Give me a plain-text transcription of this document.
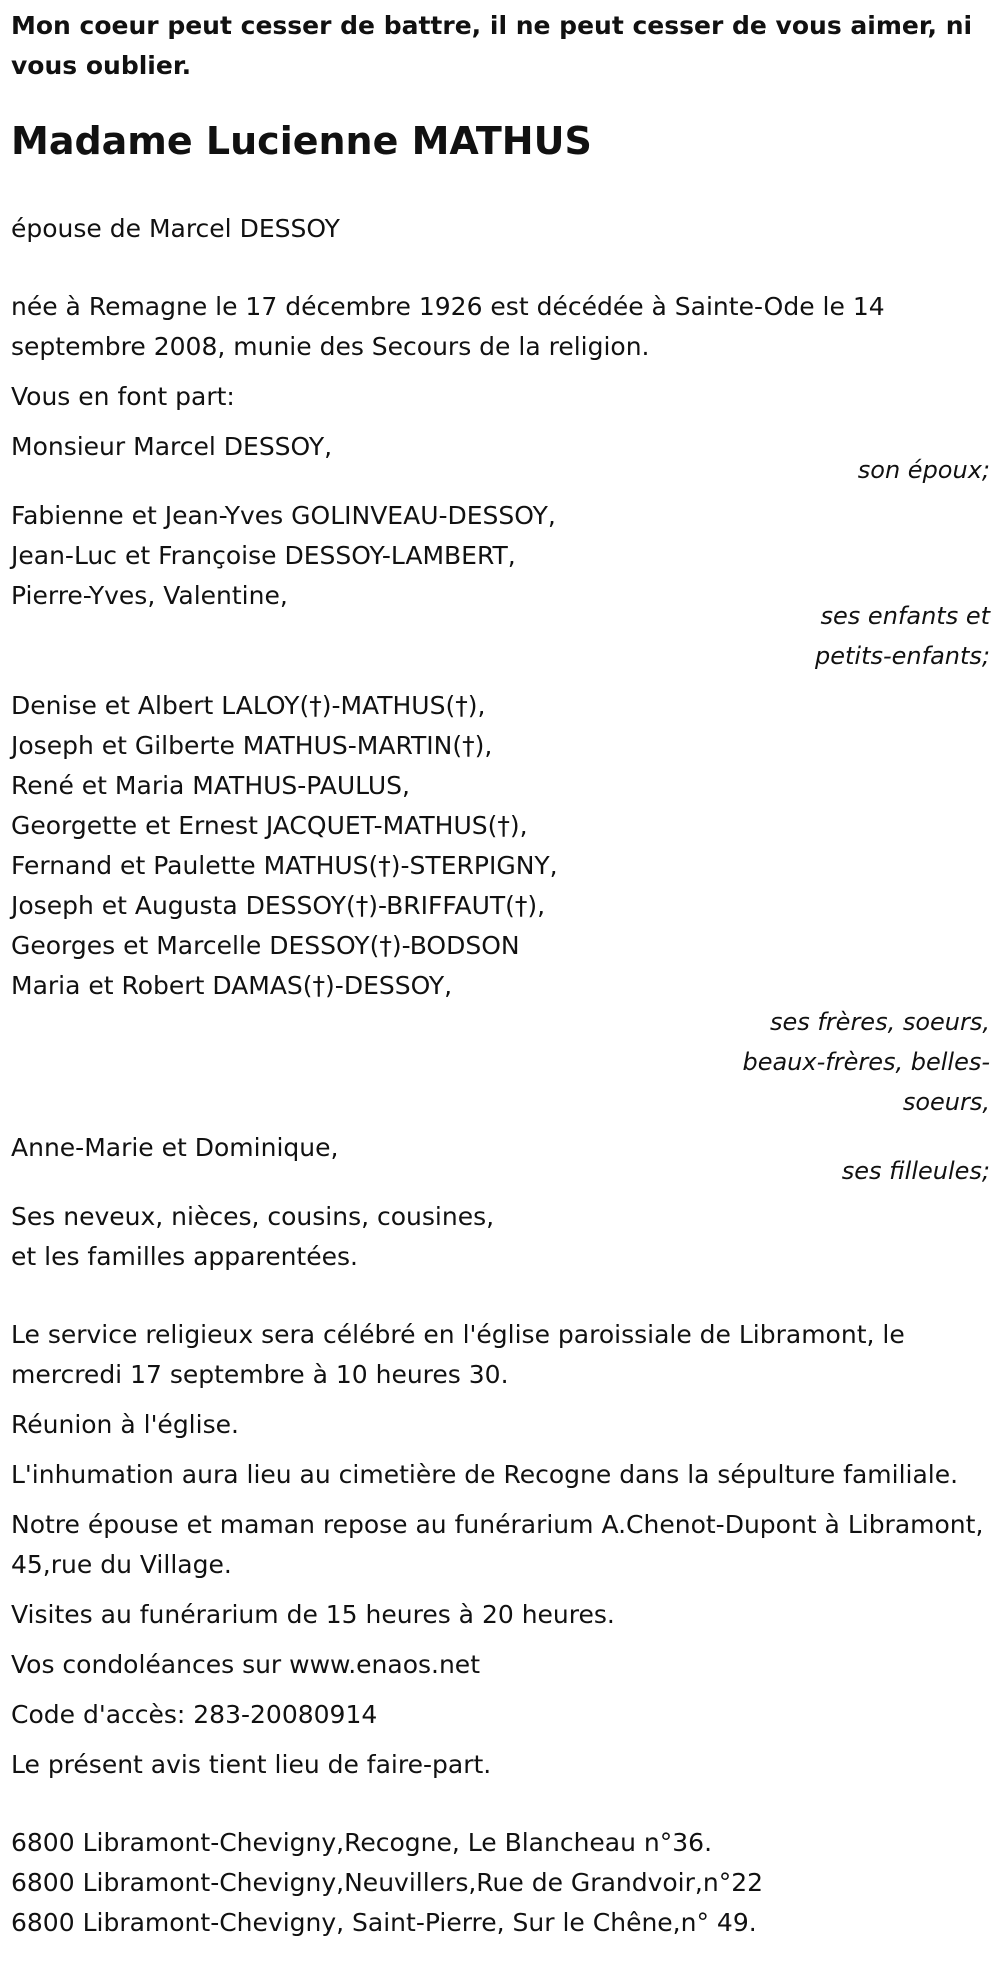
Mon coeur peut cesser de battre, il ne peut cesser de vous aimer, ni vous oublier.

Madame Lucienne MATHUS

épouse de Marcel DESSOY

née à Remagne le 17 décembre 1926 est décédée à Sainte-Ode le 14 septembre 2008, munie des Secours de la religion.

Vous en font part:

Monsieur Marcel DESSOY,
son époux;
Fabienne et Jean-Yves GOLINVEAU-DESSOY,
Jean-Luc et Françoise DESSOY-LAMBERT,
Pierre-Yves, Valentine,
ses enfants et
petits-enfants;
Denise et Albert LALOY(†)-MATHUS(†),
Joseph et Gilberte MATHUS-MARTIN(†),
René et Maria MATHUS-PAULUS,
Georgette et Ernest JACQUET-MATHUS(†),
Fernand et Paulette MATHUS(†)-STERPIGNY,
Joseph et Augusta DESSOY(†)-BRIFFAUT(†),
Georges et Marcelle DESSOY(†)-BODSON
Maria et Robert DAMAS(†)-DESSOY,
ses frères, soeurs,
beaux-frères, belles-
soeurs,
Anne-Marie et Dominique,
ses filleules;
Ses neveux, nièces, cousins, cousines,
et les familles apparentées.

Le service religieux sera célébré en l'église paroissiale de Libramont, le mercredi 17 septembre à 10 heures 30.

Réunion à l'église.

L'inhumation aura lieu au cimetière de Recogne dans la sépulture familiale.

Notre épouse et maman repose au funérarium A.Chenot-Dupont à Libramont, 45,rue du Village.

Visites au funérarium de 15 heures à 20 heures.

Vos condoléances sur www.enaos.net

Code d'accès: 283-20080914

Le présent avis tient lieu de faire-part.

6800 Libramont-Chevigny,Recogne, Le Blancheau n°36.
6800 Libramont-Chevigny,Neuvillers,Rue de Grandvoir,n°22
6800 Libramont-Chevigny, Saint-Pierre, Sur le Chêne,n° 49.
